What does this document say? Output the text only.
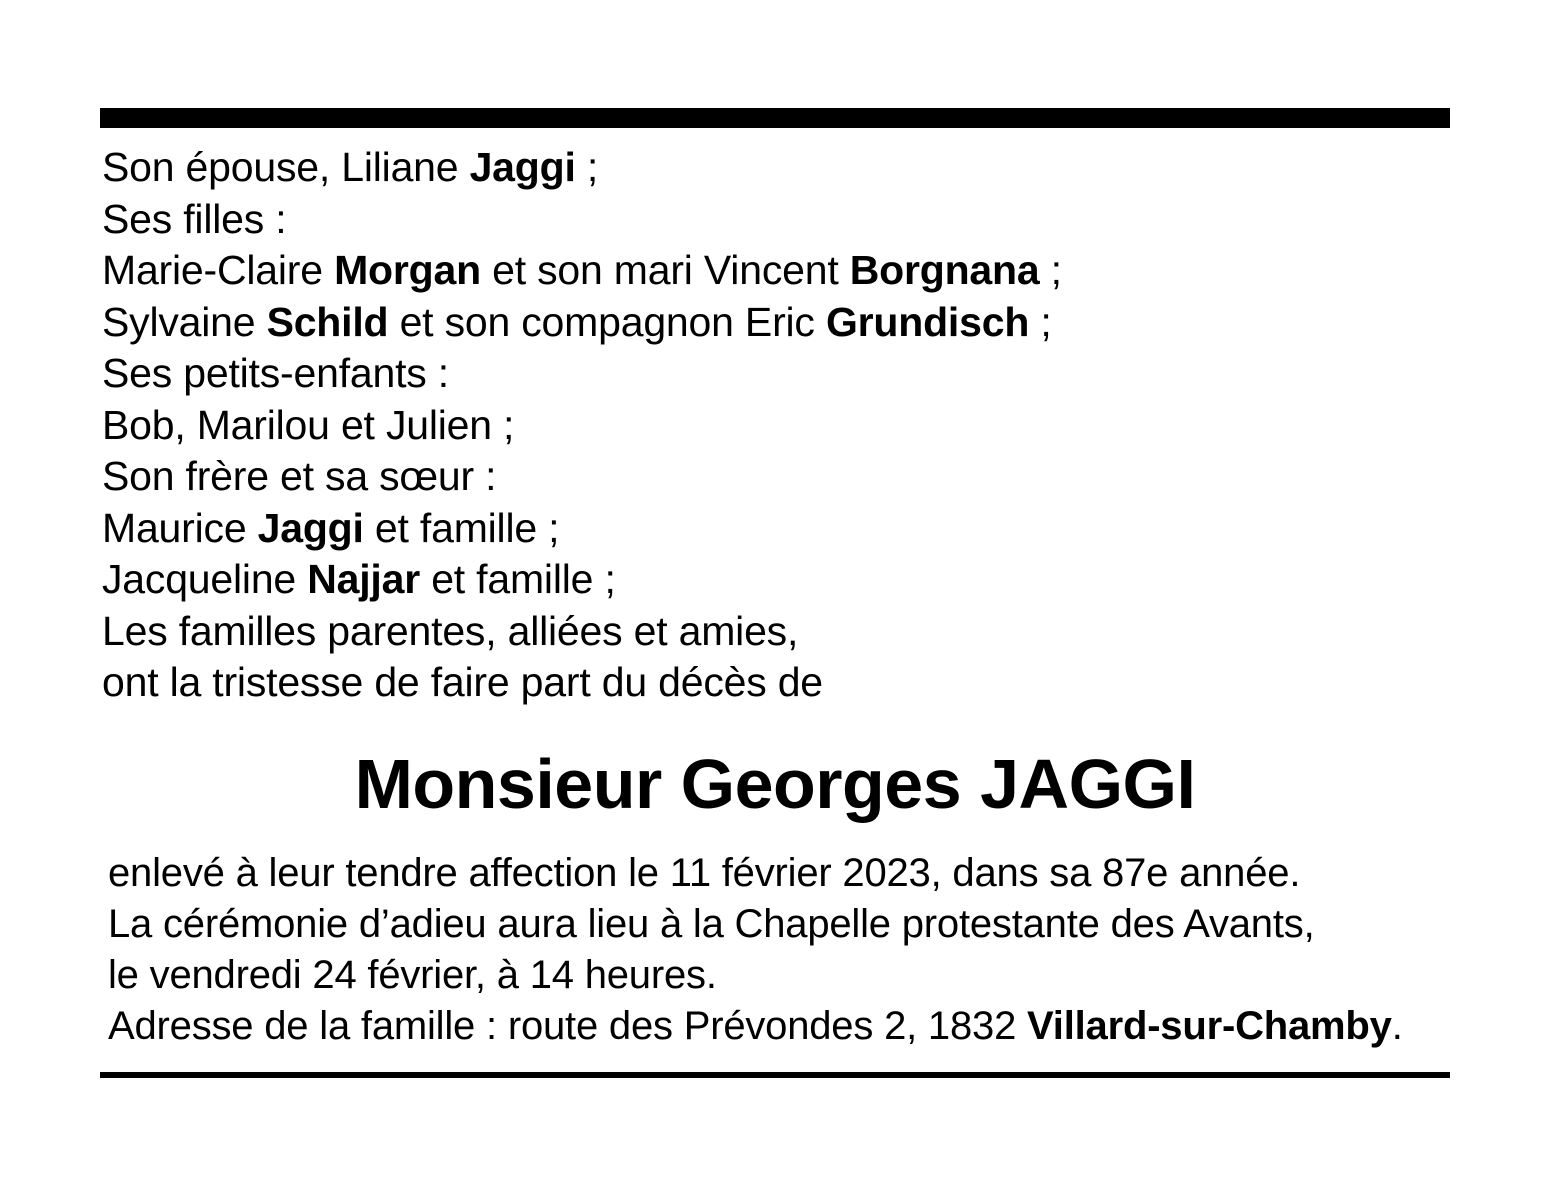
Son épouse, Liliane Jaggi ;
Ses filles :
Marie-Claire Morgan et son mari Vincent Borgnana ;
Sylvaine Schild et son compagnon Eric Grundisch ;
Ses petits-enfants :
Bob, Marilou et Julien ;
Son frère et sa sœur :
Maurice Jaggi et famille ;
Jacqueline Najjar et famille ;
Les familles parentes, alliées et amies,
ont la tristesse de faire part du décès de
Monsieur Georges JAGGI
enlevé à leur tendre affection le 11 février 2023, dans sa 87e année.
La cérémonie d’adieu aura lieu à la Chapelle protestante des Avants,
le vendredi 24 février, à 14 heures.
Adresse de la famille : route des Prévondes 2, 1832 Villard-sur-Chamby.
